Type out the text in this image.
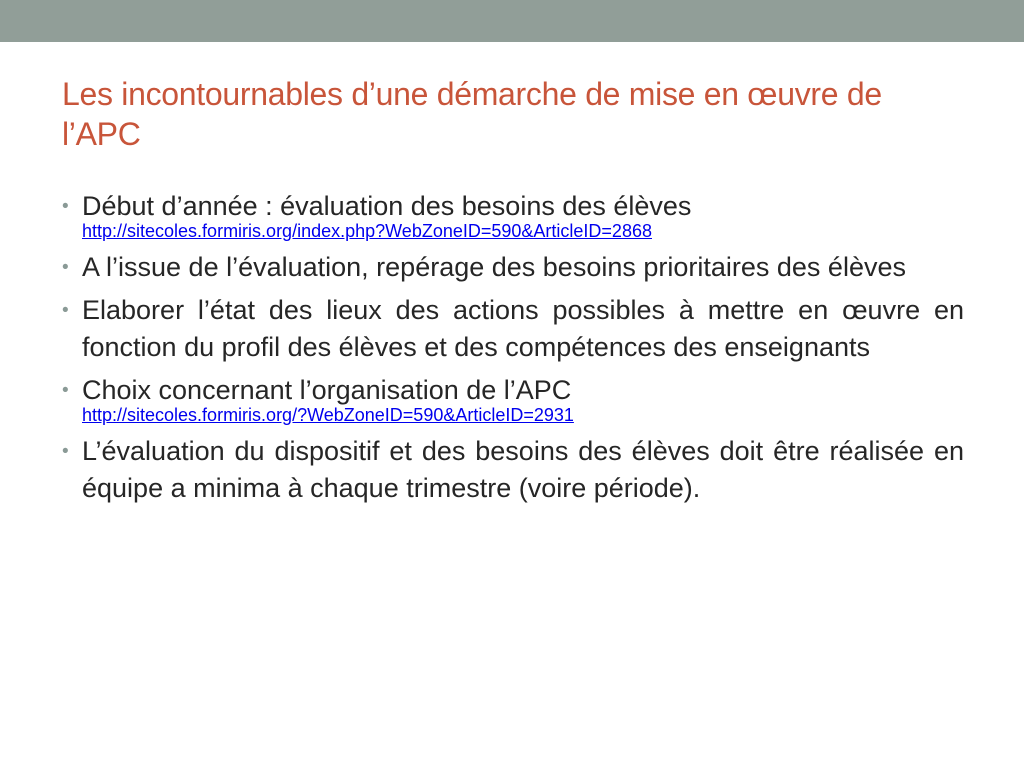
Les incontournables d’une démarche de mise en œuvre de l’APC
• Début d’année : évaluation des besoins des élèves
http://sitecoles.formiris.org/index.php?WebZoneID=590&ArticleID=2868
• A l’issue de l’évaluation, repérage des besoins prioritaires des élèves
• Elaborer l’état des lieux des actions possibles à mettre en œuvre en fonction du profil des élèves et des compétences des enseignants
• Choix concernant l’organisation de l’APC
http://sitecoles.formiris.org/?WebZoneID=590&ArticleID=2931
• L’évaluation du dispositif et des besoins des élèves doit être réalisée en équipe a minima à chaque trimestre (voire période).
